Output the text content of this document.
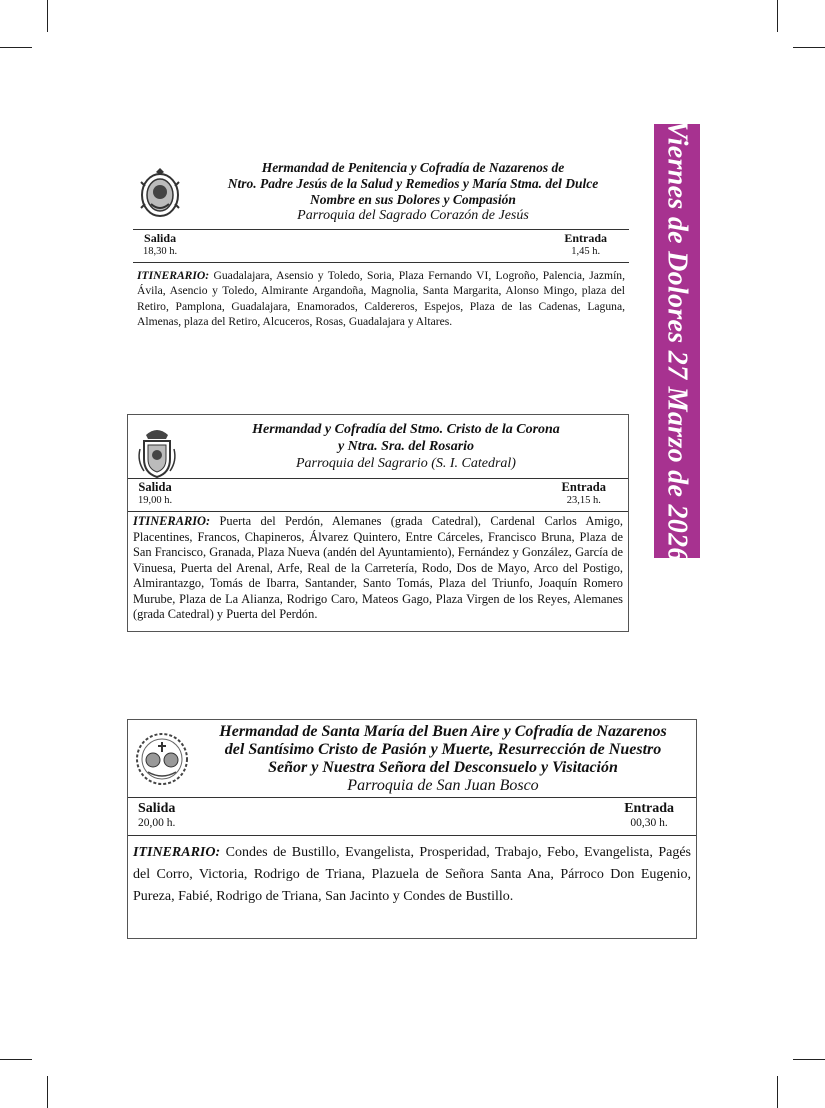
Viernes de Dolores 27 Marzo de 2026
Hermandad de Penitencia y Cofradía de Nazarenos de
Ntro. Padre Jesús de la Salud y Remedios y María Stma. del Dulce
Nombre en sus Dolores y Compasión
Parroquia del Sagrado Corazón de Jesús
Salida
18,30 h.
Entrada
1,45 h.
ITINERARIO: Guadalajara, Asensio y Toledo, Soria, Plaza Fernando VI, Logroño, Palencia, Jazmín, Ávila, Asencio y Toledo, Almirante Argandoña, Magnolia, Santa Margarita, Alonso Mingo, plaza del Retiro, Pamplona, Guadalajara, Enamorados, Caldereros, Espejos, Plaza de las Cadenas, Laguna, Almenas, plaza del Retiro, Alcuceros, Rosas, Guadalajara y Altares.
Hermandad y Cofradía del Stmo. Cristo de la Corona
y Ntra. Sra. del Rosario
Parroquia del Sagrario (S. I. Catedral)
Salida
19,00 h.
Entrada
23,15 h.
ITINERARIO: Puerta del Perdón, Alemanes (grada Catedral), Cardenal Carlos Amigo, Placentines, Francos, Chapineros, Álvarez Quintero, Entre Cárceles, Francisco Bruna, Plaza de San Francisco, Granada, Plaza Nueva (andén del Ayuntamiento), Fernández y González, García de Vinuesa, Puerta del Arenal, Arfe, Real de la Carretería, Rodo, Dos de Mayo, Arco del Postigo, Almirantazgo, Tomás de Ibarra, Santander, Santo Tomás, Plaza del Triunfo, Joaquín Romero Murube, Plaza de La Alianza, Rodrigo Caro, Mateos Gago, Plaza Virgen de los Reyes, Alemanes (grada Catedral) y Puerta del Perdón.
Hermandad de Santa María del Buen Aire y Cofradía de Nazarenos
del Santísimo Cristo de Pasión y Muerte, Resurrección de Nuestro
Señor y Nuestra Señora del Desconsuelo y Visitación
Parroquia de San Juan Bosco
Salida
20,00 h.
Entrada
00,30 h.
ITINERARIO: Condes de Bustillo, Evangelista, Prosperidad, Trabajo, Febo, Evangelista, Pagés del Corro, Victoria, Rodrigo de Triana, Plazuela de Señora Santa Ana, Párroco Don Eugenio, Pureza, Fabié, Rodrigo de Triana, San Jacinto y Condes de Bustillo.
